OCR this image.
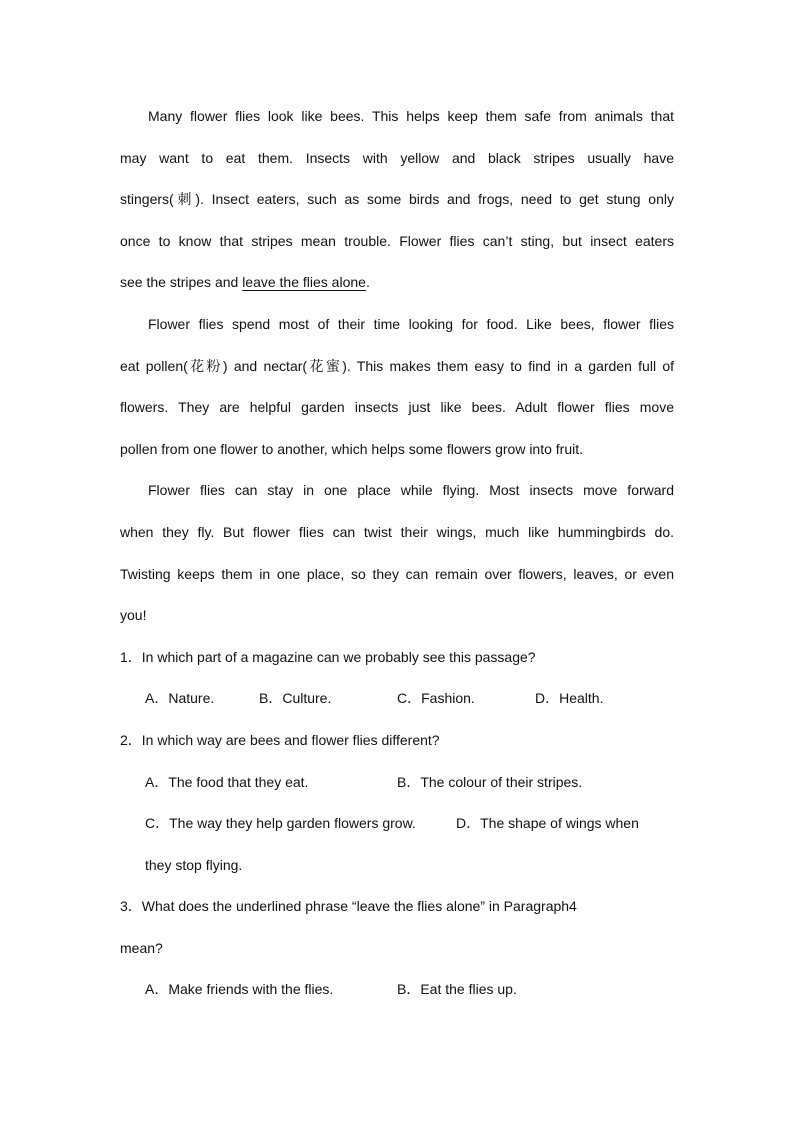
Many flower flies look like bees. This helps keep them safe from animals that
may want to eat them. Insects with yellow and black stripes usually have
stingers(刺). Insect eaters, such as some birds and frogs, need to get stung only
once to know that stripes mean trouble. Flower flies can’t sting, but insect eaters
see the stripes and leave the flies alone.
Flower flies spend most of their time looking for food. Like bees, flower flies
eat pollen(花粉) and nectar(花蜜). This makes them easy to find in a garden full of
flowers. They are helpful garden insects just like bees. Adult flower flies move
pollen from one flower to another, which helps some flowers grow into fruit.
Flower flies can stay in one place while flying. Most insects move forward
when they fly. But flower flies can twist their wings, much like hummingbirds do.
Twisting keeps them in one place, so they can remain over flowers, leaves, or even
you!
1．In which part of a magazine can we probably see this passage?
A．Nature.	B．Culture.	C．Fashion.	D．Health.
2．In which way are bees and flower flies different?
A．The food that they eat.	B．The colour of their stripes.
C．The way they help garden flowers grow.	D．The shape of wings when
they stop flying.
3．What does the underlined phrase “leave the flies alone” in Paragraph4
mean?
A．Make friends with the flies.	B．Eat the flies up.
